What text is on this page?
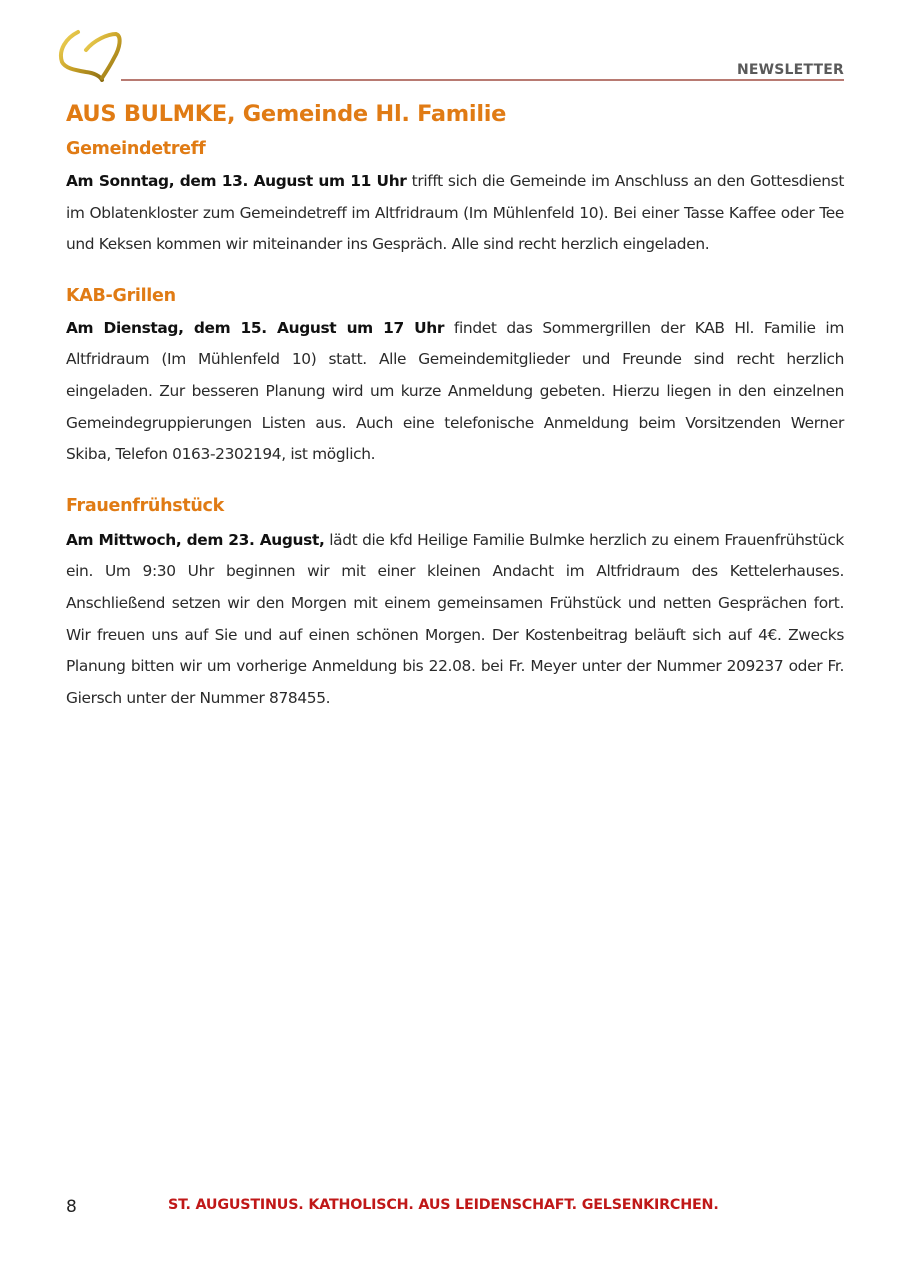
NEWSLETTER
AUS BULMKE, Gemeinde Hl. Familie
Gemeindetreff

Am Sonntag, dem 13. August um 11 Uhr trifft sich die Gemeinde im Anschluss an den Gottesdienst im Oblatenkloster zum Gemeindetreff im Altfridraum (Im Mühlenfeld 10). Bei einer Tasse Kaffee oder Tee und Keksen kommen wir miteinander ins Gespräch. Alle sind recht herzlich eingeladen.

KAB-Grillen

Am Dienstag, dem 15. August um 17 Uhr findet das Sommergrillen der KAB Hl. Familie im Altfridraum (Im Mühlenfeld 10) statt. Alle Gemeindemitglieder und Freunde sind recht herzlich eingeladen. Zur besseren Planung wird um kurze Anmeldung gebeten. Hierzu liegen in den einzelnen Gemeindegruppierungen Listen aus. Auch eine telefonische Anmeldung beim Vorsitzenden Werner Skiba, Telefon 0163-2302194, ist möglich.

Frauenfrühstück

Am Mittwoch, dem 23. August, lädt die kfd Heilige Familie Bulmke herzlich zu einem Frauenfrühstück ein. Um 9:30 Uhr beginnen wir mit einer kleinen Andacht im Altfridraum des Kettelerhauses. Anschließend setzen wir den Morgen mit einem gemeinsamen Frühstück und netten Gesprächen fort. Wir freuen uns auf Sie und auf einen schönen Morgen. Der Kostenbeitrag beläuft sich auf 4€. Zwecks Planung bitten wir um vorherige Anmeldung bis 22.08. bei Fr. Meyer unter der Nummer 209237 oder Fr. Giersch unter der Nummer 878455.

8	ST. AUGUSTINUS. KATHOLISCH. AUS LEIDENSCHAFT. GELSENKIRCHEN.
